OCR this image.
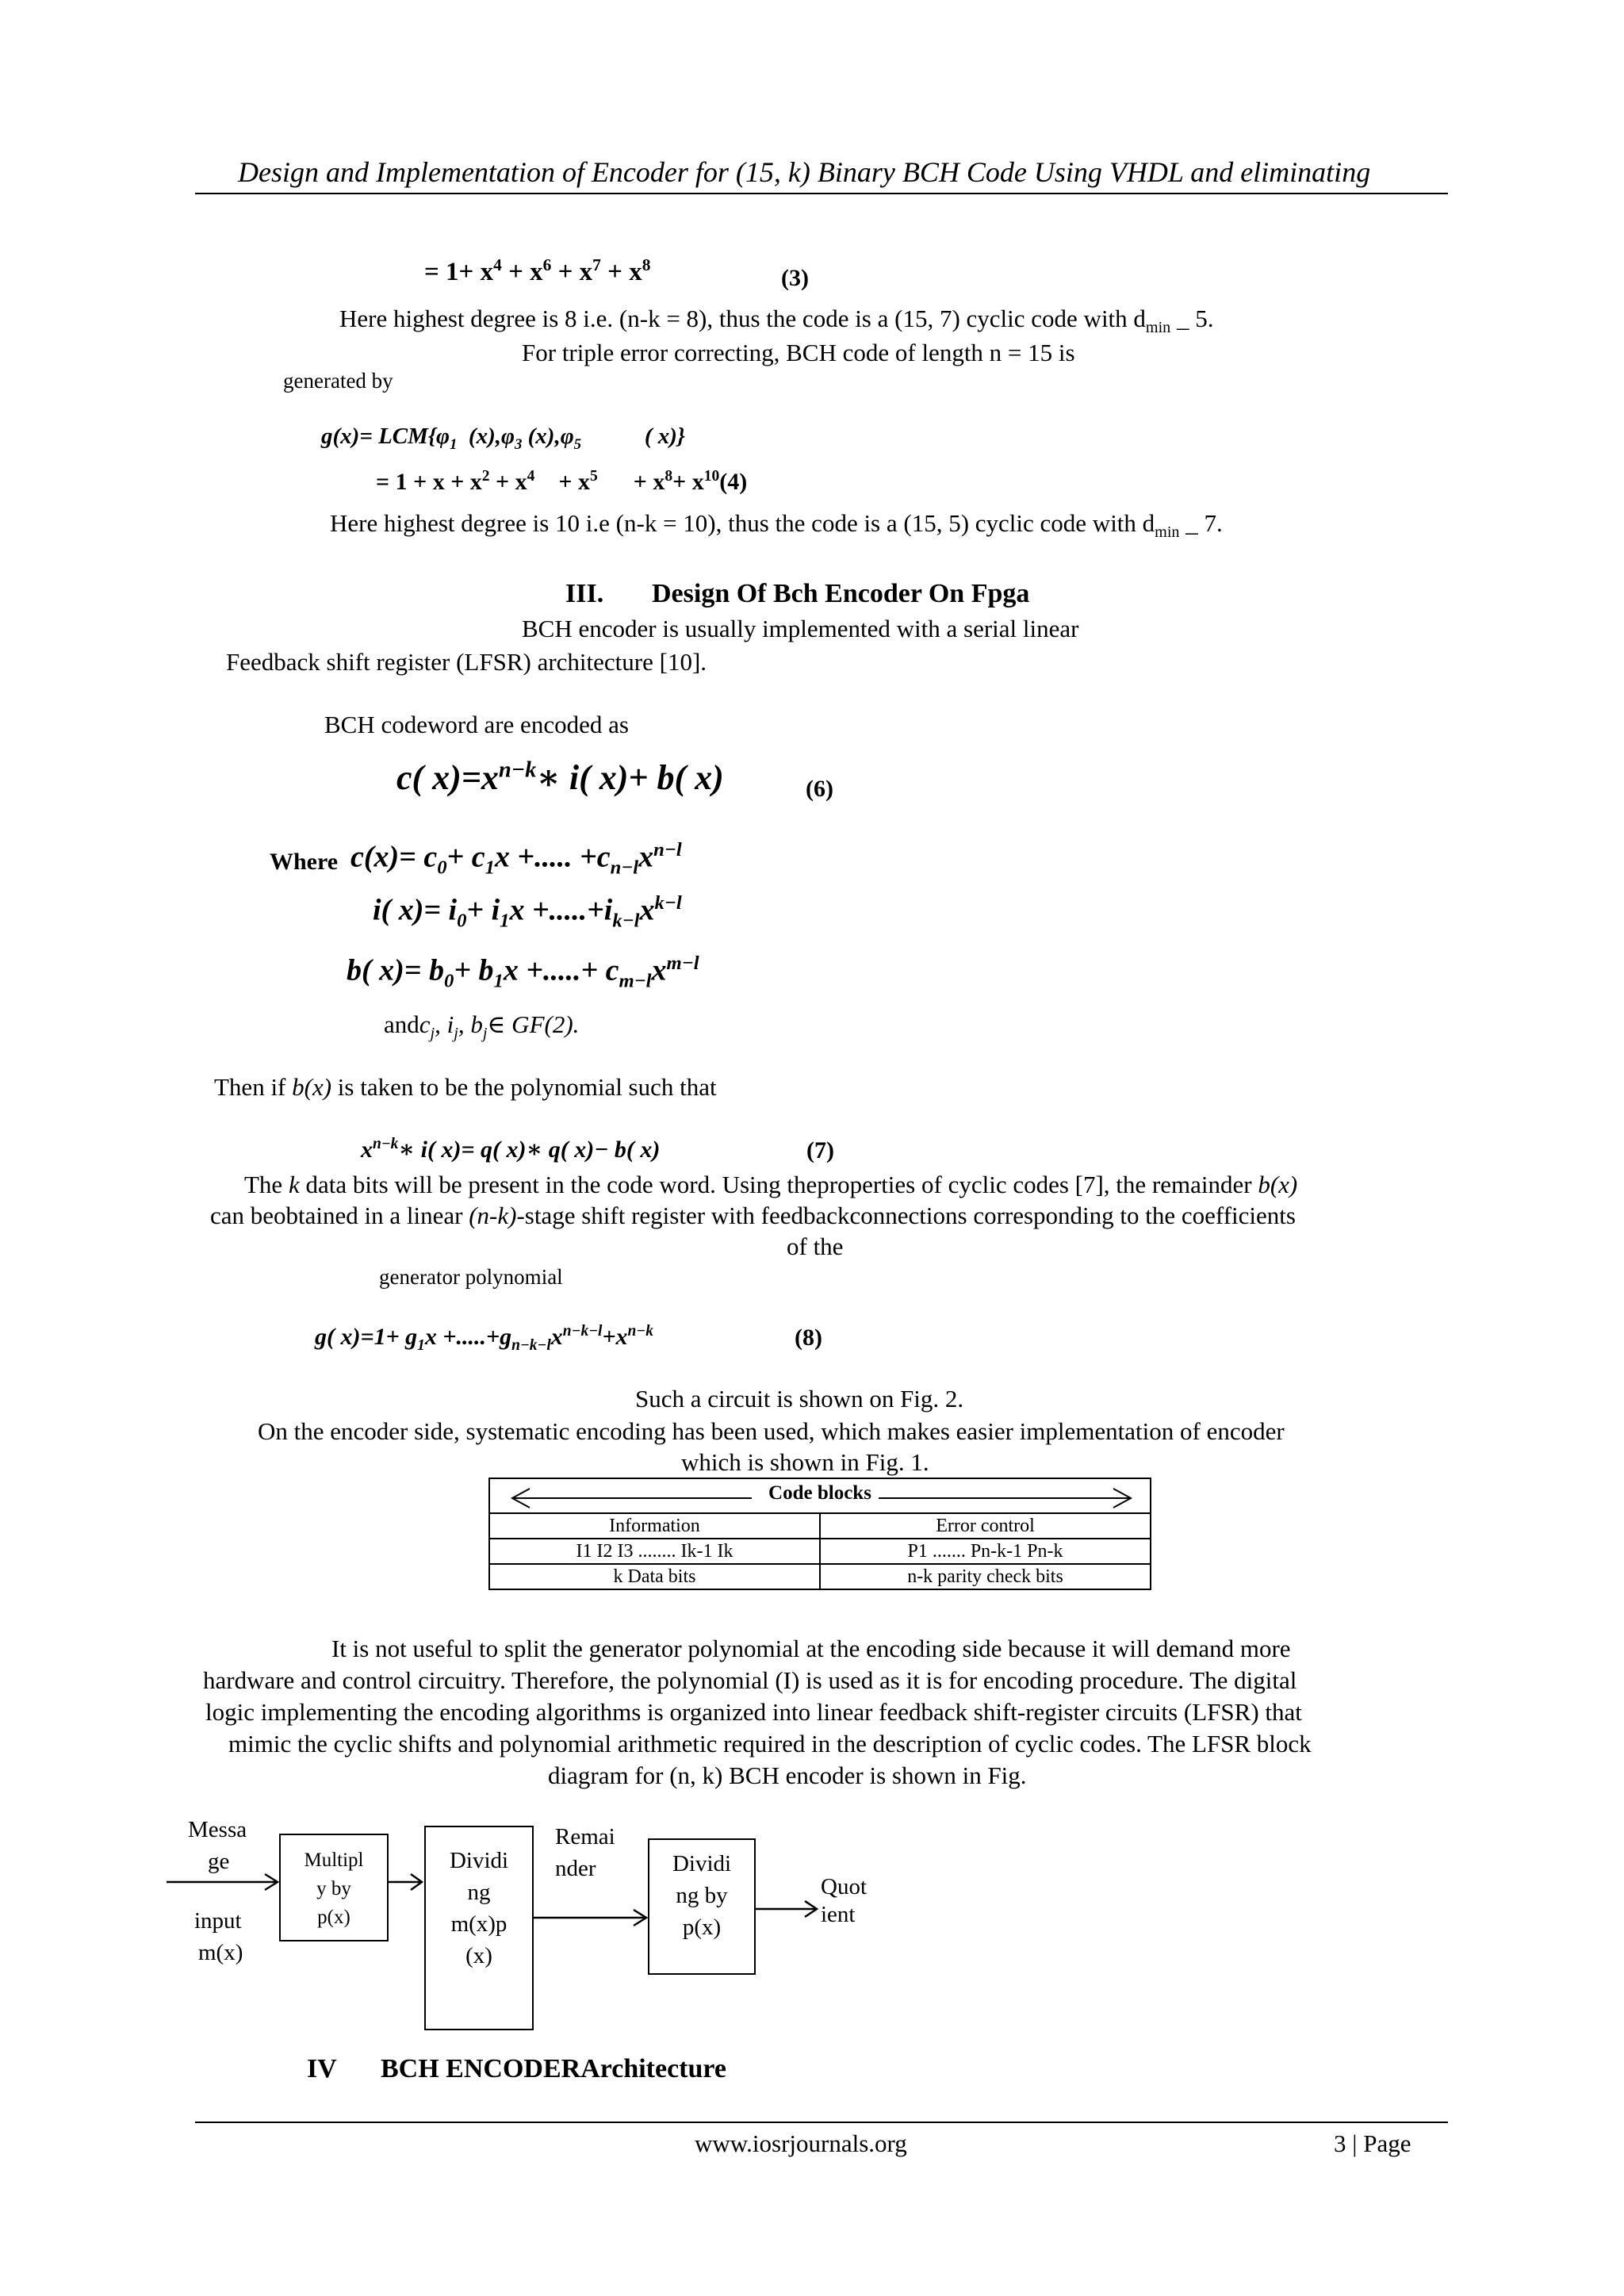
Design and Implementation of Encoder for (15, k) Binary BCH Code Using VHDL and eliminating
= $1+ x^4 + x^6 + x^7 + x^8$	(3)
Here highest degree is 8 i.e. (n-k = 8), thus the code is a (15, 7) cyclic code with $d_{min}$ _ 5.
For triple error correcting, BCH code of length n = 15 is
generated by
$g(x)= LCM\{\varphi_1$  $(x),\varphi_3$ $(x),\varphi_5$           ( x)}
= $1 + x + x^2 + x^4$    + $x^5$      + $x^8+ x^{10}(4)$
Here highest degree is 10 i.e (n-k = 10), thus the code is a (15, 5) cyclic code with $d_{min}$ _ 7.
III. Design Of Bch Encoder On Fpga
BCH encoder is usually implemented with a serial linear
Feedback shift register (LFSR) architecture [10].
BCH codeword are encoded as
c( $x)=x^{n-k}∗$ i( x)+ b( x)	(6)
Where $c(x)= c_0+ c_1x$ +..... $+c_{n-l}x^{n-l}$
i( $x)= i_0+ i_1x +.....+i_{k-l}x^{k-l}$
b( $x)= b_0+ b_1x$ +.....+ $c_{m-l}x^{m-l}$
andc$_j$, $i_j$, $b_j\in$ GF(2).
Then if b(x) is taken to be the polynomial such that
$x^{n-k}∗$ i( x)= q( x)∗ q( x)− b( x)	(7)
The k data bits will be present in the code word. Using theproperties of cyclic codes [7], the remainder b(x)
can beobtained in a linear (n-k)-stage shift register with feedbackconnections corresponding to the coefficients
of the
generator polynomial
g( $x)=1+ g_1x +.....+g_{n-k-l}x^{n-k-l}+x^{n-k}$	(8)
Such a circuit is shown on Fig. 2.
On the encoder side, systematic encoding has been used, which makes easier implementation of encoder
which is shown in Fig. 1.
Code blocks
Information	Error control
I1 I2 I3 ........ Ik-1 Ik	P1 ....... Pn-k-1 Pn-k
k Data bits	n-k parity check bits
It is not useful to split the generator polynomial at the encoding side because it will demand more
hardware and control circuitry. Therefore, the polynomial (I) is used as it is for encoding procedure. The digital
logic implementing the encoding algorithms is organized into linear feedback shift-register circuits (LFSR) that
mimic the cyclic shifts and polynomial arithmetic required in the description of cyclic codes. The LFSR block
diagram for (n, k) BCH encoder is shown in Fig.
Messa
ge
input
m(x)
Multipl
y by
p(x)
Dividi
ng
m(x)p
(x)
Remai
nder	Dividi
ng by
p(x)
Quot
ient
IV BCH ENCODERArchitecture
www.iosrjournals.org	3 | Page
